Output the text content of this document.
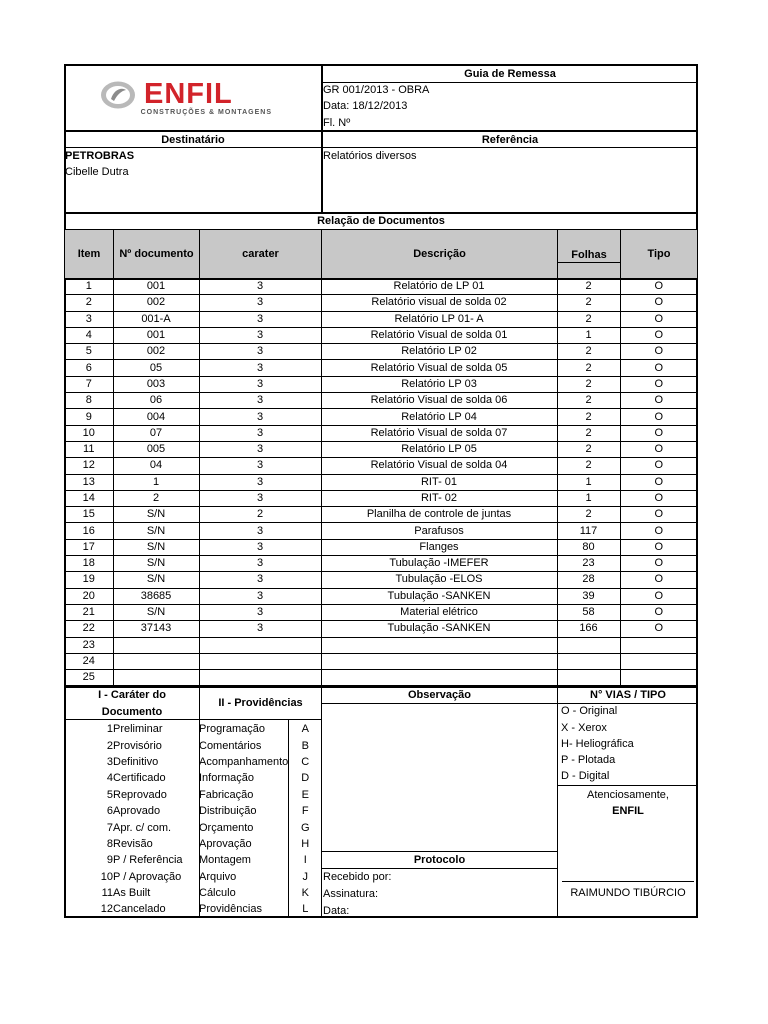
ENFIL
CONSTRUÇÕES & MONTAGENS
Guia de Remessa
GR 001/2013 - OBRA
Data: 18/12/2013
Fl. Nº
Destinatário	Referência
PETROBRAS
Cibelle Dutra
Relatórios diversos
Relação de Documentos
Item	Nº documento	carater	Descrição	Folhas	Tipo
1	001	3	Relatório de LP 01	2	O
2	002	3	Relatório visual de solda 02	2	O
3	001-A	3	Relatório LP 01- A	2	O
4	001	3	Relatório Visual de solda 01	1	O
5	002	3	Relatório LP 02	2	O
6	05	3	Relatório Visual de solda 05	2	O
7	003	3	Relatório LP 03	2	O
8	06	3	Relatório Visual de solda 06	2	O
9	004	3	Relatório LP 04	2	O
10	07	3	Relatório Visual de solda 07	2	O
11	005	3	Relatório LP 05	2	O
12	04	3	Relatório Visual de solda 04	2	O
13	1	3	RIT- 01	1	O
14	2	3	RIT- 02	1	O
15	S/N	2	Planilha de controle de juntas	2	O
16	S/N	3	Parafusos	117	O
17	S/N	3	Flanges	80	O
18	S/N	3	Tubulação -IMEFER	23	O
19	S/N	3	Tubulação -ELOS	28	O
20	38685	3	Tubulação -SANKEN	39	O
21	S/N	3	Material elétrico	58	O
22	37143	3	Tubulação -SANKEN	166	O
23					
24					
25					
I - Caráter do
Documento
II - Providências
1	Preliminar	Programação	A
2	Provisório	Comentários	B
3	Definitivo	Acompanhamento	C
4	Certificado	Informação	D
5	Reprovado	Fabricação	E
6	Aprovado	Distribuição	F
7	Apr. c/ com.	Orçamento	G
8	Revisão	Aprovação	H
9	P / Referência	Montagem	I
10	P / Aprovação	Arquivo	J
11	As Built	Cálculo	K
12	Cancelado	Providências	L
Observação
Protocolo
Recebido por:
Assinatura:
Data:
N° VIAS / TIPO
O - Original
X - Xerox
H- Heliográfica
P - Plotada
D - Digital
Atenciosamente,
ENFIL
RAIMUNDO TIBÚRCIO
